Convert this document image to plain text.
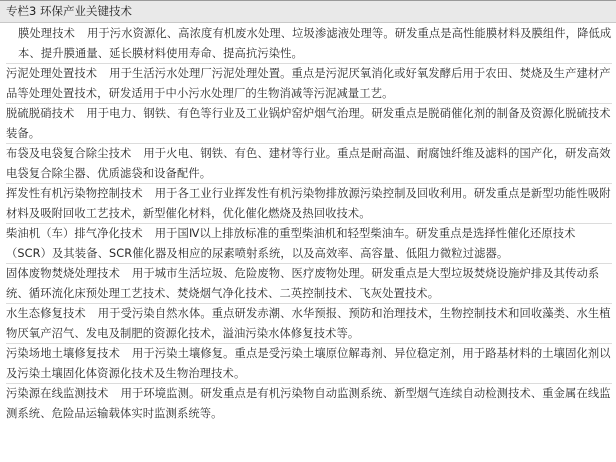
专栏3 环保产业关键技术
膜处理技术 用于污水资源化、高浓度有机废水处理、垃圾渗滤液处理等。研发重点是高性能膜材料及膜组件，降低成本、提升膜通量、延长膜材料使用寿命、提高抗污染性。
污泥处理处置技术 用于生活污水处理厂污泥处理处置。重点是污泥厌氧消化或好氧发酵后用于农田、焚烧及生产建材产品等处理处置技术，研发适用于中小污水处理厂的生物消减等污泥减量工艺。
脱硫脱硝技术 用于电力、钢铁、有色等行业及工业锅炉窑炉烟气治理。研发重点是脱硝催化剂的制备及资源化脱硫技术装备。
布袋及电袋复合除尘技术 用于火电、钢铁、有色、建材等行业。重点是耐高温、耐腐蚀纤维及滤料的国产化，研发高效电袋复合除尘器、优质滤袋和设备配件。
挥发性有机污染物控制技术 用于各工业行业挥发性有机污染物排放源污染控制及回收利用。研发重点是新型功能性吸附材料及吸附回收工艺技术，新型催化材料，优化催化燃烧及热回收技术。
柴油机（车）排气净化技术 用于国Ⅳ以上排放标准的重型柴油机和轻型柴油车。研发重点是选择性催化还原技术（SCR）及其装备、SCR催化器及相应的尿素喷射系统，以及高效率、高容量、低阻力微粒过滤器。
固体废物焚烧处理技术 用于城市生活垃圾、危险废物、医疗废物处理。研发重点是大型垃圾焚烧设施炉排及其传动系统、循环流化床预处理工艺技术、焚烧烟气净化技术、二英控制技术、飞灰处置技术。
水生态修复技术 用于受污染自然水体。重点研发赤潮、水华预报、预防和治理技术，生物控制技术和回收藻类、水生植物厌氧产沼气、发电及制肥的资源化技术，溢油污染水体修复技术等。
污染场地土壤修复技术 用于污染土壤修复。重点是受污染土壤原位解毒剂、异位稳定剂，用于路基材料的土壤固化剂以及污染土壤固化体资源化技术及生物治理技术。
污染源在线监测技术 用于环境监测。研发重点是有机污染物自动监测系统、新型烟气连续自动检测技术、重金属在线监测系统、危险品运输载体实时监测系统等。
